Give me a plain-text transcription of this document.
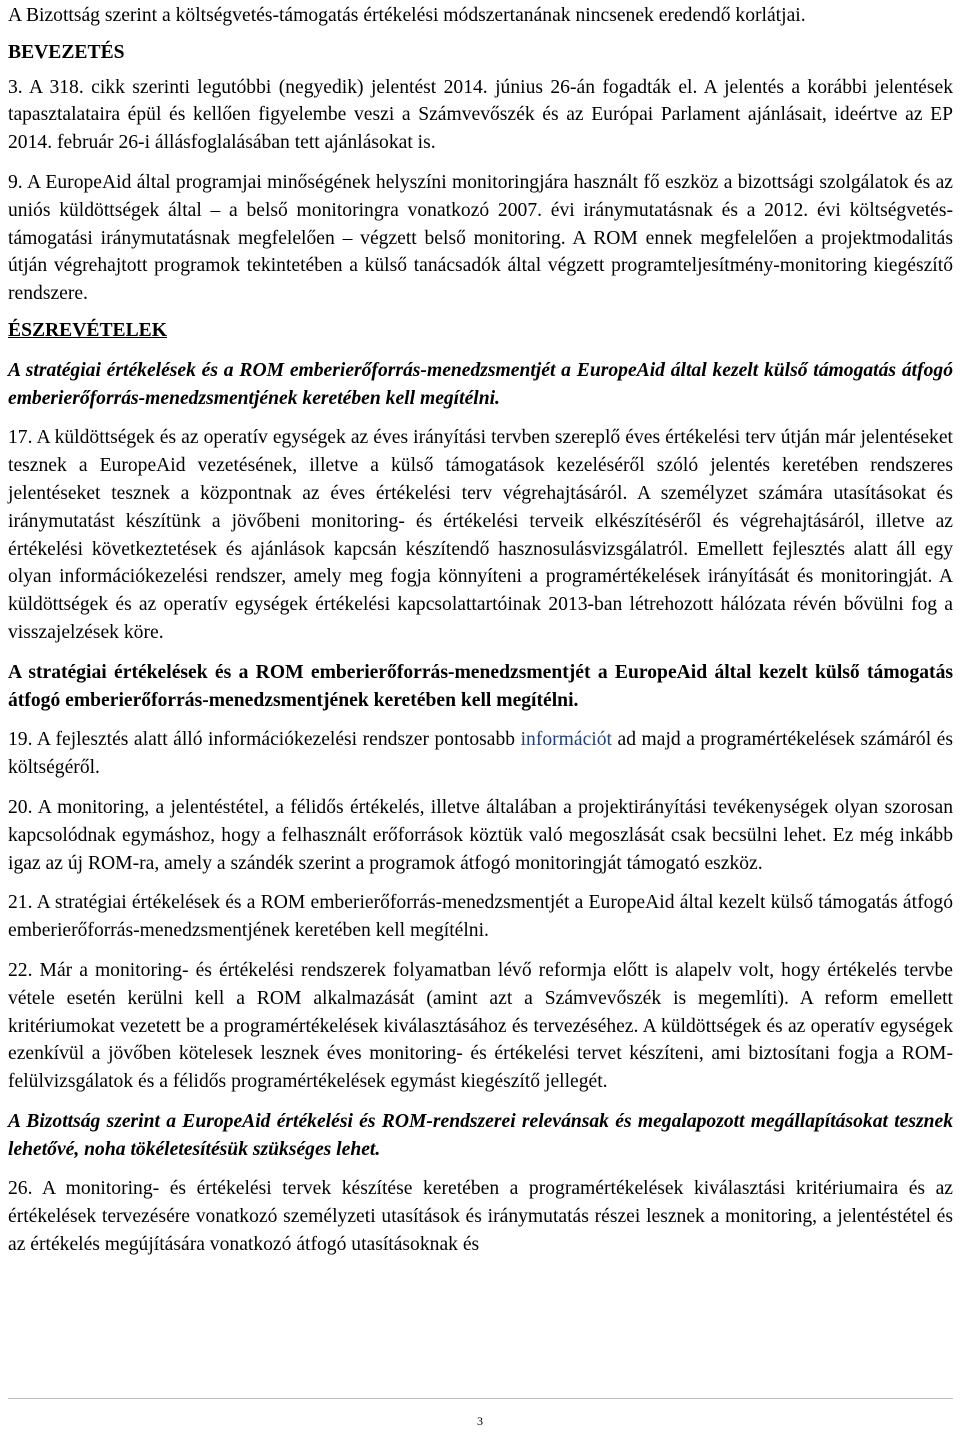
A Bizottság szerint a költségvetés-támogatás értékelési módszertanának nincsenek eredendő korlátjai.

BEVEZETÉS

3. A 318. cikk szerinti legutóbbi (negyedik) jelentést 2014. június 26-án fogadták el. A jelentés a korábbi jelentések tapasztalataira épül és kellően figyelembe veszi a Számvevőszék és az Európai Parlament ajánlásait, ideértve az EP 2014. február 26-i állásfoglalásában tett ajánlásokat is.

9. A EuropeAid által programjai minőségének helyszíni monitoringjára használt fő eszköz a bizottsági szolgálatok és az uniós küldöttségek által – a belső monitoringra vonatkozó 2007. évi iránymutatásnak és a 2012. évi költségvetés-támogatási iránymutatásnak megfelelően – végzett belső monitoring. A ROM ennek megfelelően a projektmodalitás útján végrehajtott programok tekintetében a külső tanácsadók által végzett programteljesítmény-monitoring kiegészítő rendszere.

ÉSZREVÉTELEK

A stratégiai értékelések és a ROM emberierőforrás-menedzsmentjét a EuropeAid által kezelt külső támogatás átfogó emberierőforrás-menedzsmentjének keretében kell megítélni.

17. A küldöttségek és az operatív egységek az éves irányítási tervben szereplő éves értékelési terv útján már jelentéseket tesznek a EuropeAid vezetésének, illetve a külső támogatások kezeléséről szóló jelentés keretében rendszeres jelentéseket tesznek a központnak az éves értékelési terv végrehajtásáról. A személyzet számára utasításokat és iránymutatást készítünk a jövőbeni monitoring- és értékelési terveik elkészítéséről és végrehajtásáról, illetve az értékelési következtetések és ajánlások kapcsán készítendő hasznosulásvizsgálatról. Emellett fejlesztés alatt áll egy olyan információkezelési rendszer, amely meg fogja könnyíteni a programértékelések irányítását és monitoringját. A küldöttségek és az operatív egységek értékelési kapcsolattartóinak 2013-ban létrehozott hálózata révén bővülni fog a visszajelzések köre.

A stratégiai értékelések és a ROM emberierőforrás-menedzsmentjét a EuropeAid által kezelt külső támogatás átfogó emberierőforrás-menedzsmentjének keretében kell megítélni.

19. A fejlesztés alatt álló információkezelési rendszer pontosabb információt ad majd a programértékelések számáról és költségéről.

20. A monitoring, a jelentéstétel, a félidős értékelés, illetve általában a projektirányítási tevékenységek olyan szorosan kapcsolódnak egymáshoz, hogy a felhasznált erőforrások köztük való megoszlását csak becsülni lehet. Ez még inkább igaz az új ROM-ra, amely a szándék szerint a programok átfogó monitoringját támogató eszköz.

21. A stratégiai értékelések és a ROM emberierőforrás-menedzsmentjét a EuropeAid által kezelt külső támogatás átfogó emberierőforrás-menedzsmentjének keretében kell megítélni.

22. Már a monitoring- és értékelési rendszerek folyamatban lévő reformja előtt is alapelv volt, hogy értékelés tervbe vétele esetén kerülni kell a ROM alkalmazását (amint azt a Számvevőszék is megemlíti). A reform emellett kritériumokat vezetett be a programértékelések kiválasztásához és tervezéséhez. A küldöttségek és az operatív egységek ezenkívül a jövőben kötelesek lesznek éves monitoring- és értékelési tervet készíteni, ami biztosítani fogja a ROM-felülvizsgálatok és a félidős programértékelések egymást kiegészítő jellegét.

A Bizottság szerint a EuropeAid értékelési és ROM-rendszerei relevánsak és megalapozott megállapításokat tesznek lehetővé, noha tökéletesítésük szükséges lehet.

26. A monitoring- és értékelési tervek készítése keretében a programértékelések kiválasztási kritériumaira és az értékelések tervezésére vonatkozó személyzeti utasítások és iránymutatás részei lesznek a monitoring, a jelentéstétel és az értékelés megújítására vonatkozó átfogó utasításoknak és

3
